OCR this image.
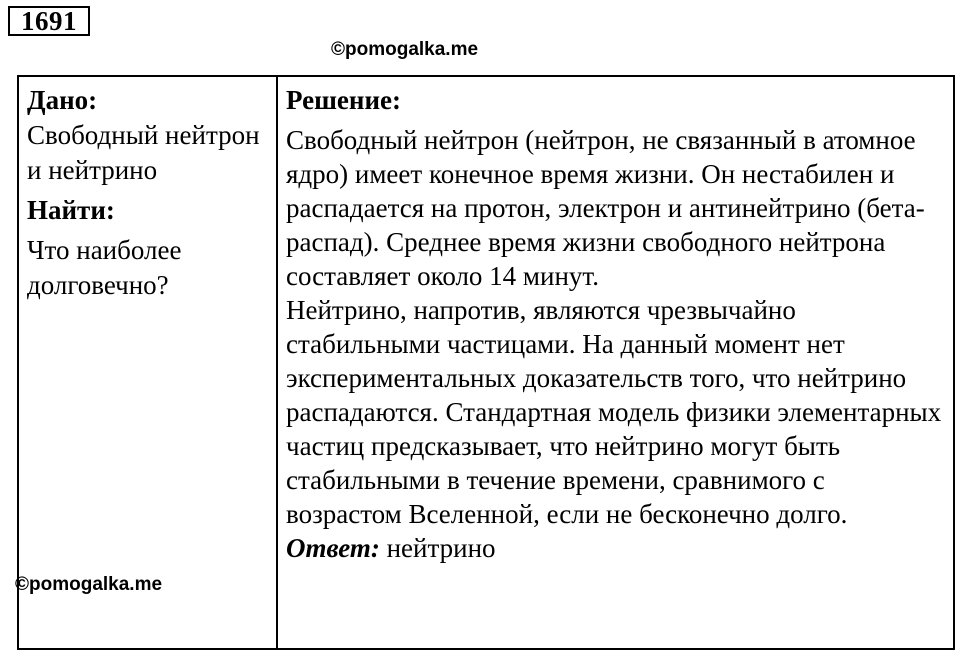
1691
©pomogalka.me

Дано:

Свободный нейтрон и нейтрино

Найти:

Что наиболее долговечно?

Решение:

Свободный нейтрон (нейтрон, не связанный в атомное ядро) имеет конечное время жизни. Он нестабилен и распадается на протон, электрон и антинейтрино (бета-распад). Среднее время жизни свободного нейтрона составляет около 14 минут.

Нейтрино, напротив, являются чрезвычайно стабильными частицами. На данный момент нет экспериментальных доказательств того, что нейтрино распадаются. Стандартная модель физики элементарных частиц предсказывает, что нейтрино могут быть стабильными в течение времени, сравнимого с возрастом Вселенной, если не бесконечно долго.

Ответ: нейтрино

©pomogalka.me
